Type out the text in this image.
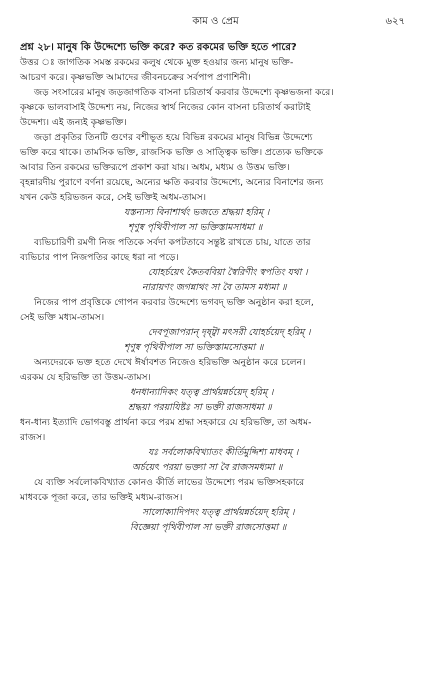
কাম ও প্রেম	৬২৭

প্রশ্ন ২৮। মানুষ কি উদ্দেশ্যে ভক্তি করে? কত রকমের ভক্তি হতে পারে?

উত্তর ঃ জাগতিক সমস্ত রকমের কলুষ থেকে মুক্ত হওয়ার জন্য মানুষ ভক্তি-

আচরণ করে। কৃষ্ণভক্তি আমাদের জীবনচক্রের সর্বপাপ প্রণাশিনী।

জড় সংসারের মানুষ জড়জাগতিক বাসনা চরিতার্থ করবার উদ্দেশ্যে কৃষ্ণভজনা করে।

কৃষ্ণকে ভালবাসাই উদ্দেশ্য নয়, নিজের স্বার্থ নিজের কোন বাসনা চরিতার্থ করাটাই

উদ্দেশ্য। এই জন্যই কৃষ্ণভক্তি।

জড়া প্রকৃতির তিনটি গুণের বশীভূত হয়ে বিভিন্ন রকমের মানুষ বিভিন্ন উদ্দেশ্যে

ভক্তি করে থাকে। তামসিক ভক্তি, রাজসিক ভক্তি ও সাত্ত্বিক ভক্তি। প্রত্যেক ভক্তিকে

আবার তিন রকমের ভক্তিরূপে প্রকাশ করা যায়। অধম, মধ্যম ও উত্তম ভক্তি।

বৃহন্নারদীয় পুরাণে বর্ণনা রয়েছে, অন্যের ক্ষতি করবার উদ্দেশ্যে, অন্যের বিনাশের জন্য

যখন কেউ হরিভজন করে, সেই ভক্তিই অধম-তামস।

যস্তন্যস্য বিনাশার্থং ভজতে শ্রদ্ধয়া হরিম্ ।

শৃণুষ্ব পৃথিবীপাল সা ভক্তিস্তামসাধমা ॥

ব্যভিচারিণী রমণী নিজ পতিকে সর্বদা কপটতাবে সন্তুষ্ট রাখতে চায়, যাতে তার

ব্যভিচার পাপ নিজপতির কাছে ধরা না পড়ে।

যোহর্চয়েৎ কৈতববিয়া স্বৈরিণীং স্বপতিং যথা ।

নারায়ণং জগন্নাথং সা বৈ তামস মধ্যমা ॥

নিজের পাপ প্রবৃত্তিকে গোপন করবার উদ্দেশ্যে ভগবদ্ ভক্তি অনুষ্ঠান করা হলে,

সেই ভক্তি মধ্যম-তামস।

দেবপূজাপরান্ দৃষ্ট্বা মৎসরী যোহর্চয়েদ্ হরিম্ ।

শৃণুষ্ব পৃথিবীপাল সা ভক্তিস্তামসোত্তমা ॥

অন্যদেরকে ভক্ত হতে দেখে ঈর্ষাবশত নিজেও হরিভক্তি অনুষ্ঠান করে চলেন।

এরকম যে হরিভক্তি তা উত্তম-তামস।

ধনধান্যাদিকং যত্ত্ব প্রার্থয়ন্নর্চয়েদ্ হরিম্ ।

শ্রদ্ধয়া পরয়াযিষ্টঃ সা ভক্তী রাজসাধমা ॥

ধন-ধান্য ইত্যাদি ভোগবস্তু প্রার্থনা করে পরম শ্রদ্ধা সহকারে যে হরিভক্তি, তা অধম-

রাজস।

যঃ সর্বলোকবিখ্যাতং কীর্তিমুদ্দিশ্য মাধবম্ ।

অর্চয়েৎ পরয়া ভক্ত্যা সা বৈ রাজসমধ্যমা ॥

যে ব্যক্তি সর্বলোকবিখ্যাত কোনও কীর্তি লাভের উদ্দেশ্যে পরম ভক্তিসহকারে

মাধবকে পূজা করে, তার ভক্তিই মধ্যম-রাজস।

সালোক্যাদিপদং যত্ত্ব প্রার্থয়ন্নর্চয়েদ্ হরিম্ ।

বিজ্ঞেয়া পৃথিবীপাল সা ভক্তী রাজসোত্তমা ॥
